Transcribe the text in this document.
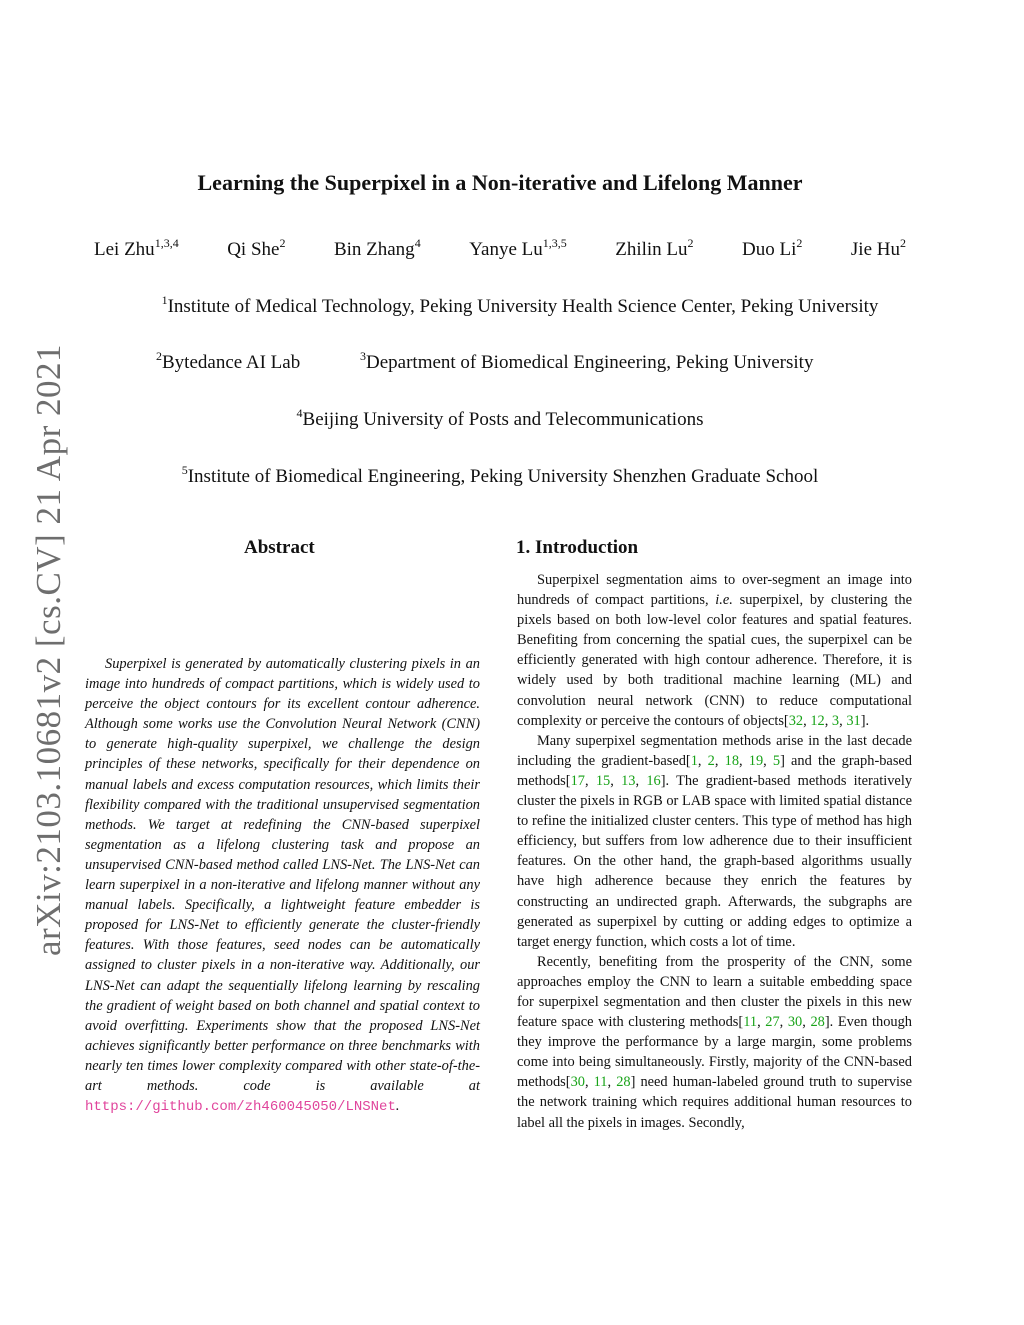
arXiv:2103.10681v2 [cs.CV] 21 Apr 2021
Learning the Superpixel in a Non-iterative and Lifelong Manner
Lei Zhu$^{1,3,4}$	Qi She$^2$	Bin Zhang$^4$	Yanye Lu$^{1,3,5}$	Zhilin Lu$^2$	Duo Li$^2$	Jie Hu$^2$
$^1$Institute of Medical Technology, Peking University Health Science Center, Peking University
$^2$Bytedance AI Lab	$^3$Department of Biomedical Engineering, Peking University
$^4$Beijing University of Posts and Telecommunications
$^5$Institute of Biomedical Engineering, Peking University Shenzhen Graduate School
Abstract

Superpixel is generated by automatically clustering pixels in an image into hundreds of compact partitions, which is widely used to perceive the object contours for its excellent contour adherence. Although some works use the Convolution Neural Network (CNN) to generate high-quality superpixel, we challenge the design principles of these networks, specifically for their dependence on manual labels and excess computation resources, which limits their flexibility compared with the traditional unsupervised segmentation methods. We target at redefining the CNN-based superpixel segmentation as a lifelong clustering task and propose an unsupervised CNN-based method called LNS-Net. The LNS-Net can learn superpixel in a non-iterative and lifelong manner without any manual labels. Specifically, a lightweight feature embedder is proposed for LNS-Net to efficiently generate the cluster-friendly features. With those features, seed nodes can be automatically assigned to cluster pixels in a non-iterative way. Additionally, our LNS-Net can adapt the sequentially lifelong learning by rescaling the gradient of weight based on both channel and spatial context to avoid overfitting. Experiments show that the proposed LNS-Net achieves significantly better performance on three benchmarks with nearly ten times lower complexity compared with other state-of-the-art methods. code is available at https://github.com/zh460045050/​LNSNet.

1. Introduction

Superpixel segmentation aims to over-segment an image into hundreds of compact partitions, i.e. superpixel, by clustering the pixels based on both low-level color features and spatial features. Benefiting from concerning the spatial cues, the superpixel can be efficiently generated with high contour adherence. Therefore, it is widely used by both traditional machine learning (ML) and convolution neural network (CNN) to reduce computational complexity or perceive the contours of objects[32, 12, 3, 31].

Many superpixel segmentation methods arise in the last decade including the gradient-based[1, 2, 18, 19, 5] and the graph-based methods[17, 15, 13, 16]. The gradient-based methods iteratively cluster the pixels in RGB or LAB space with limited spatial distance to refine the initialized cluster centers. This type of method has high efficiency, but suffers from low adherence due to their insufficient features. On the other hand, the graph-based algorithms usually have high adherence because they enrich the features by constructing an undirected graph. Afterwards, the subgraphs are generated as superpixel by cutting or adding edges to optimize a target energy function, which costs a lot of time.

Recently, benefiting from the prosperity of the CNN, some approaches employ the CNN to learn a suitable embedding space for superpixel segmentation and then cluster the pixels in this new feature space with clustering methods[11, 27, 30, 28]. Even though they improve the performance by a large margin, some problems come into being simultaneously. Firstly, majority of the CNN-based methods[30, 11, 28] need human-labeled ground truth to supervise the network training which requires additional human resources to label all the pixels in images. Secondly,
